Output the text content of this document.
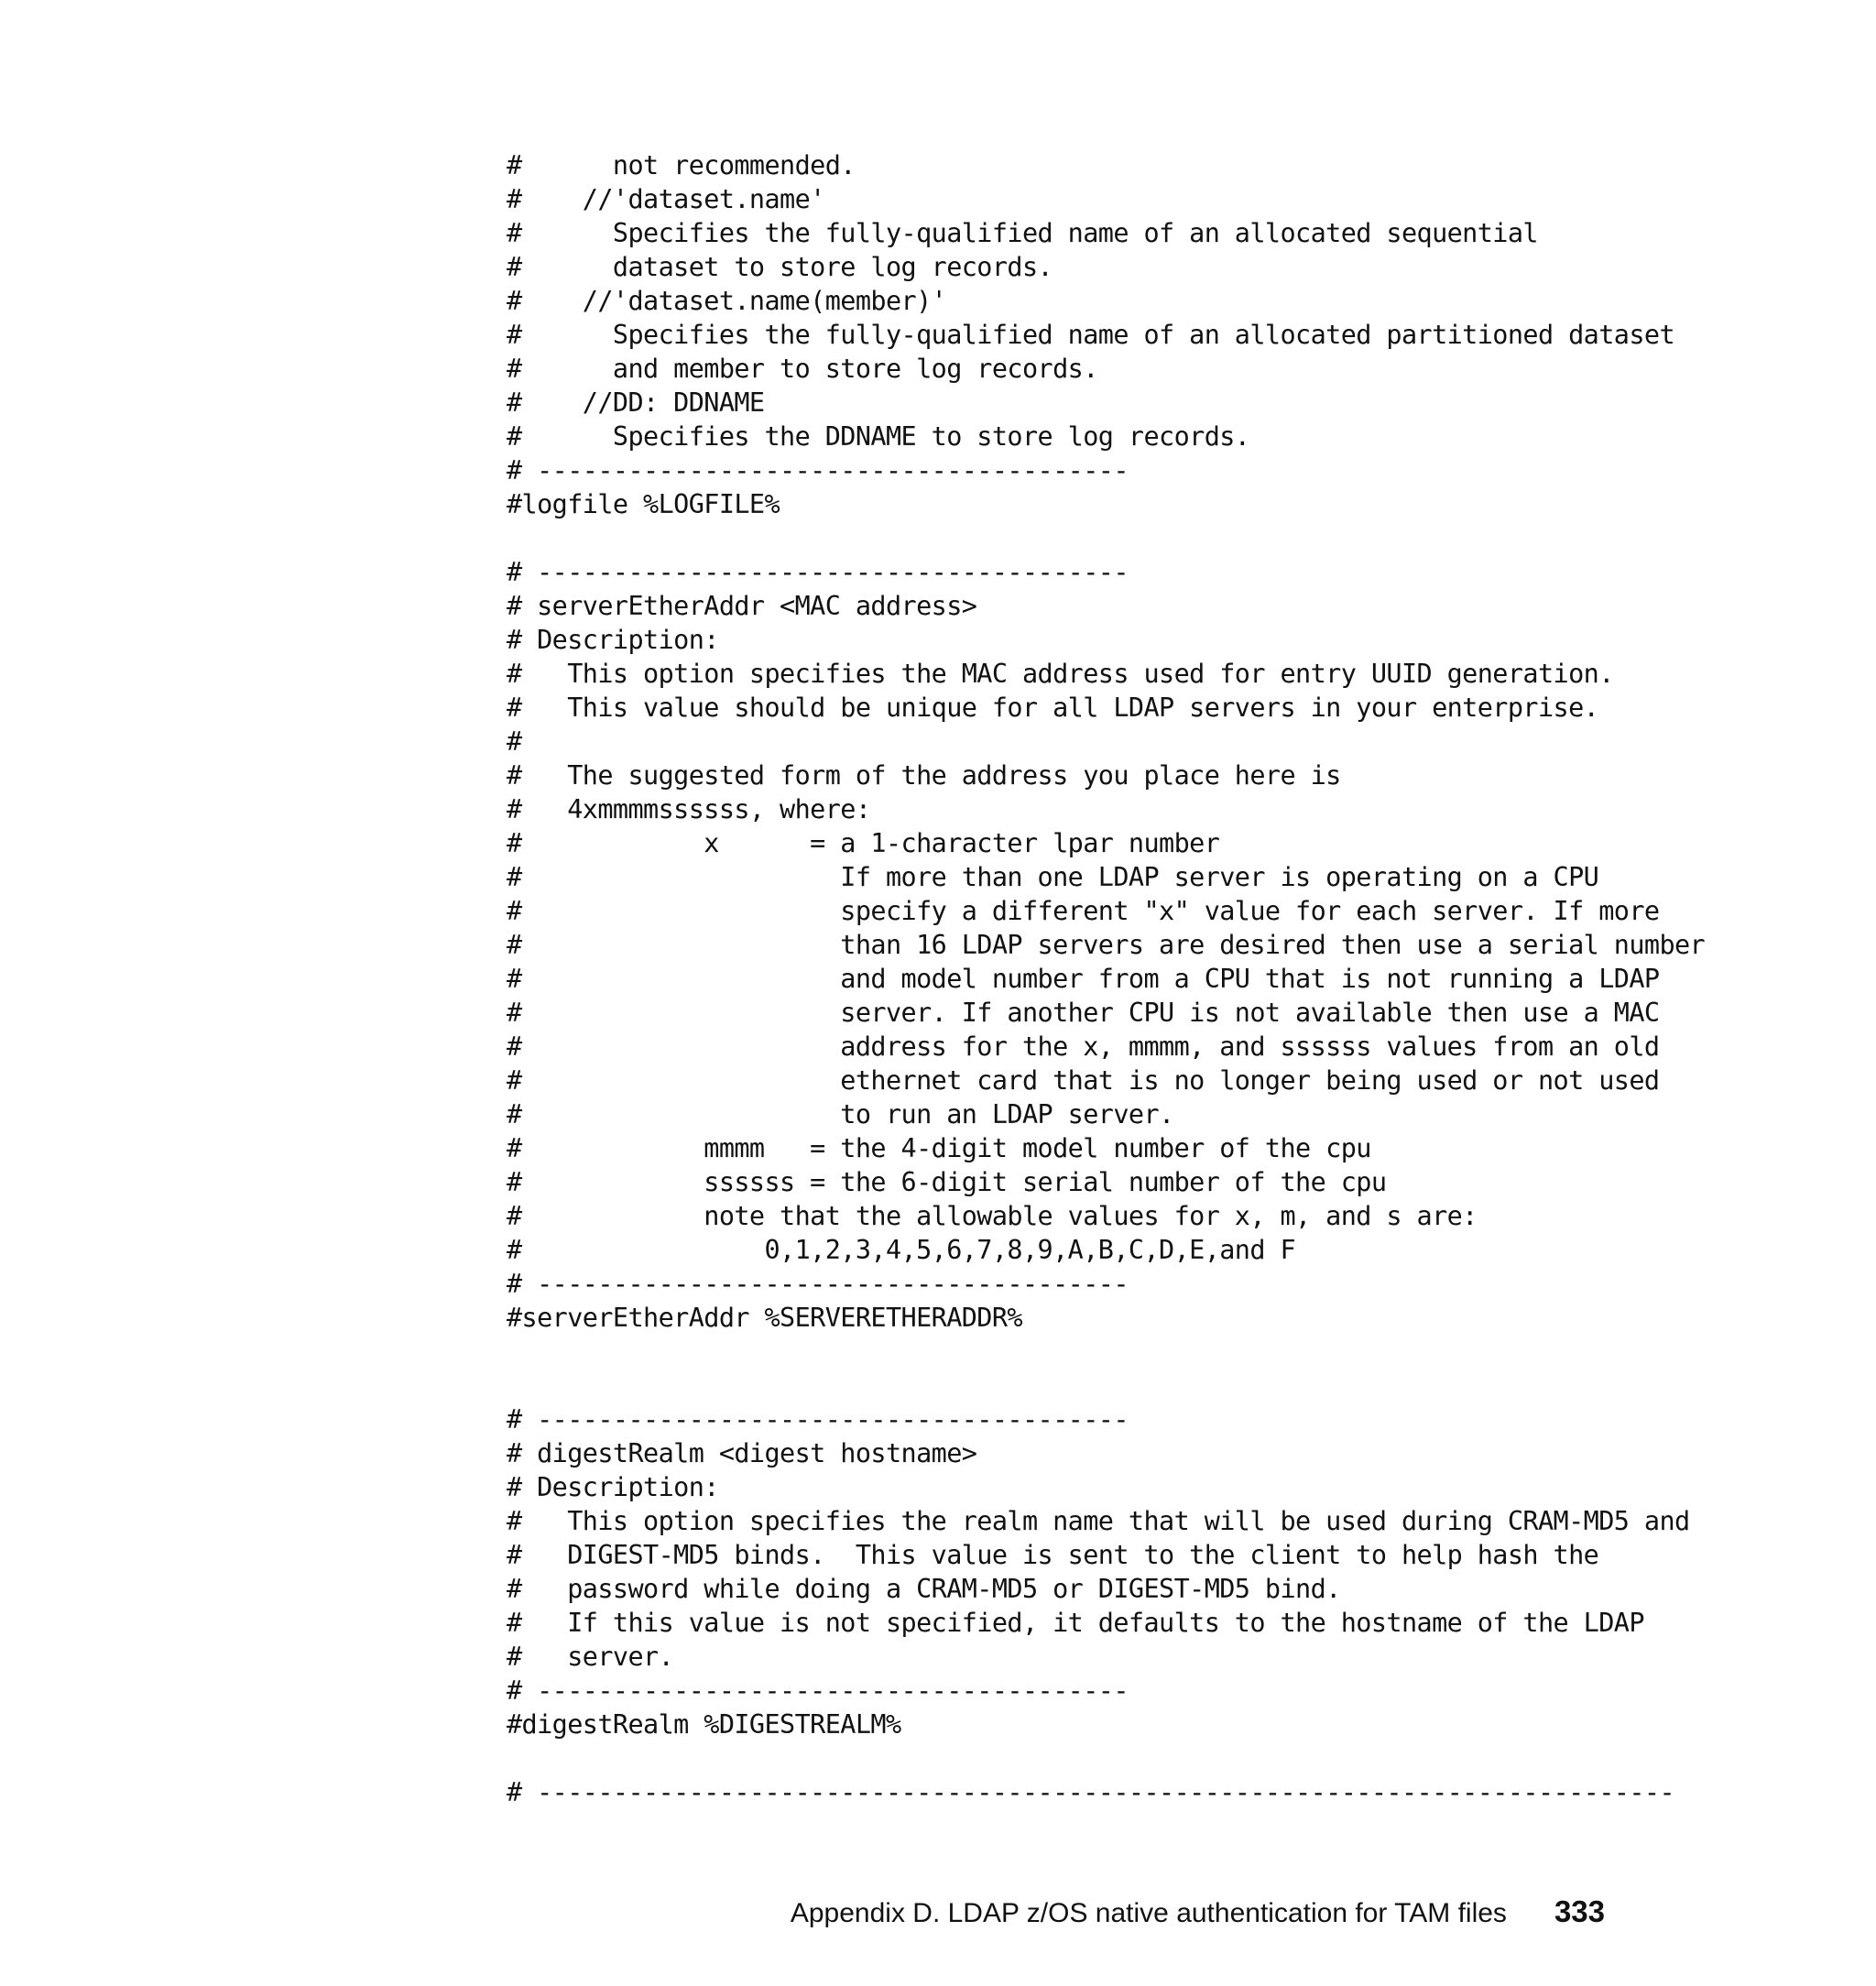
#      not recommended.
#    //'dataset.name'
#      Specifies the fully-qualified name of an allocated sequential
#      dataset to store log records.
#    //'dataset.name(member)'
#      Specifies the fully-qualified name of an allocated partitioned dataset
#      and member to store log records.
#    //DD: DDNAME
#      Specifies the DDNAME to store log records.
# ---------------------------------------
#logfile %LOGFILE%
# ---------------------------------------
# serverEtherAddr <MAC address>
# Description:
#   This option specifies the MAC address used for entry UUID generation.
#   This value should be unique for all LDAP servers in your enterprise.
#
#   The suggested form of the address you place here is
#   4xmmmmssssss, where:
#            x      = a 1-character lpar number
#                     If more than one LDAP server is operating on a CPU
#                     specify a different "x" value for each server. If more
#                     than 16 LDAP servers are desired then use a serial number
#                     and model number from a CPU that is not running a LDAP
#                     server. If another CPU is not available then use a MAC
#                     address for the x, mmmm, and ssssss values from an old
#                     ethernet card that is no longer being used or not used
#                     to run an LDAP server.
#            mmmm   = the 4-digit model number of the cpu
#            ssssss = the 6-digit serial number of the cpu
#            note that the allowable values for x, m, and s are:
#                0,1,2,3,4,5,6,7,8,9,A,B,C,D,E,and F
# ---------------------------------------
#serverEtherAddr %SERVERETHERADDR%
# ---------------------------------------
# digestRealm <digest hostname>
# Description:
#   This option specifies the realm name that will be used during CRAM-MD5 and
#   DIGEST-MD5 binds.  This value is sent to the client to help hash the
#   password while doing a CRAM-MD5 or DIGEST-MD5 bind.
#   If this value is not specified, it defaults to the hostname of the LDAP
#   server.
# ---------------------------------------
#digestRealm %DIGESTREALM%
# ---------------------------------------------------------------------------
Appendix D. LDAP z/OS native authentication for TAM files 333
